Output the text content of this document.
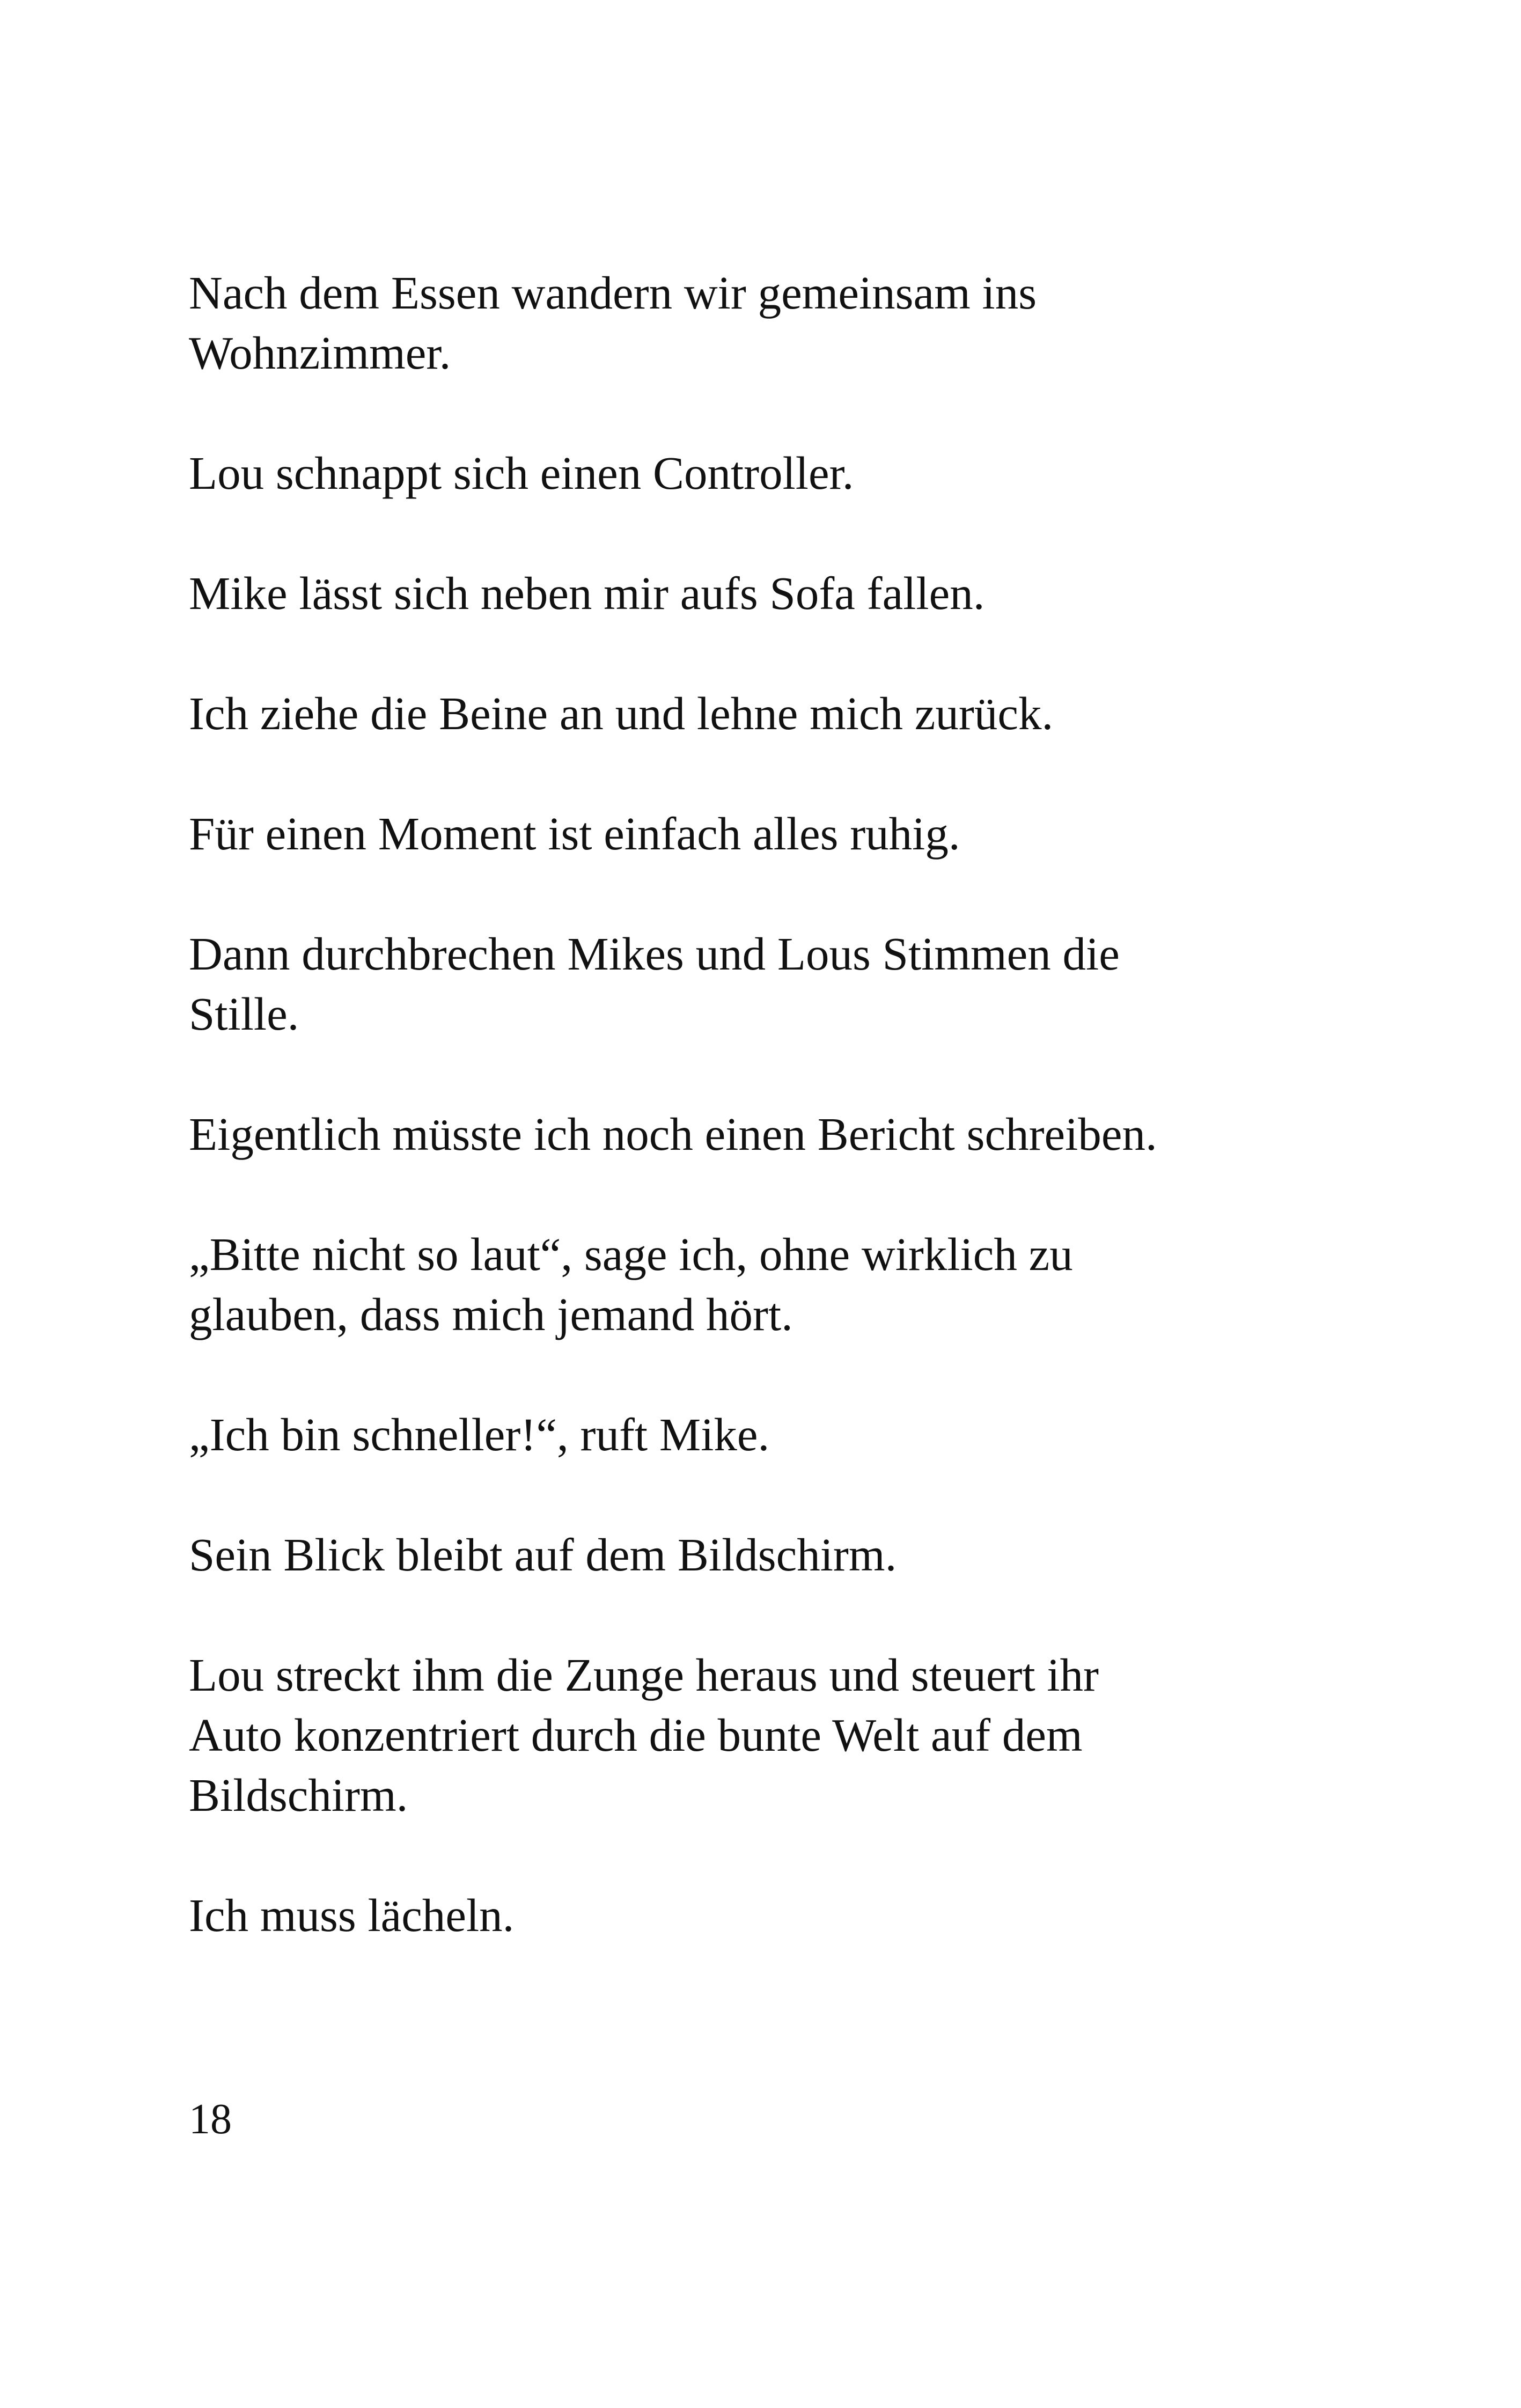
Nach dem Essen wandern wir gemeinsam ins
Wohnzimmer.

Lou schnappt sich einen Controller.

Mike lässt sich neben mir aufs Sofa fallen.

Ich ziehe die Beine an und lehne mich zurück.

Für einen Moment ist einfach alles ruhig.

Dann durchbrechen Mikes und Lous Stimmen die
Stille.

Eigentlich müsste ich noch einen Bericht schreiben.

„Bitte nicht so laut“, sage ich, ohne wirklich zu
glauben, dass mich jemand hört.

„Ich bin schneller!“, ruft Mike.

Sein Blick bleibt auf dem Bildschirm.

Lou streckt ihm die Zunge heraus und steuert ihr
Auto konzentriert durch die bunte Welt auf dem
Bildschirm.

Ich muss lächeln.

18
